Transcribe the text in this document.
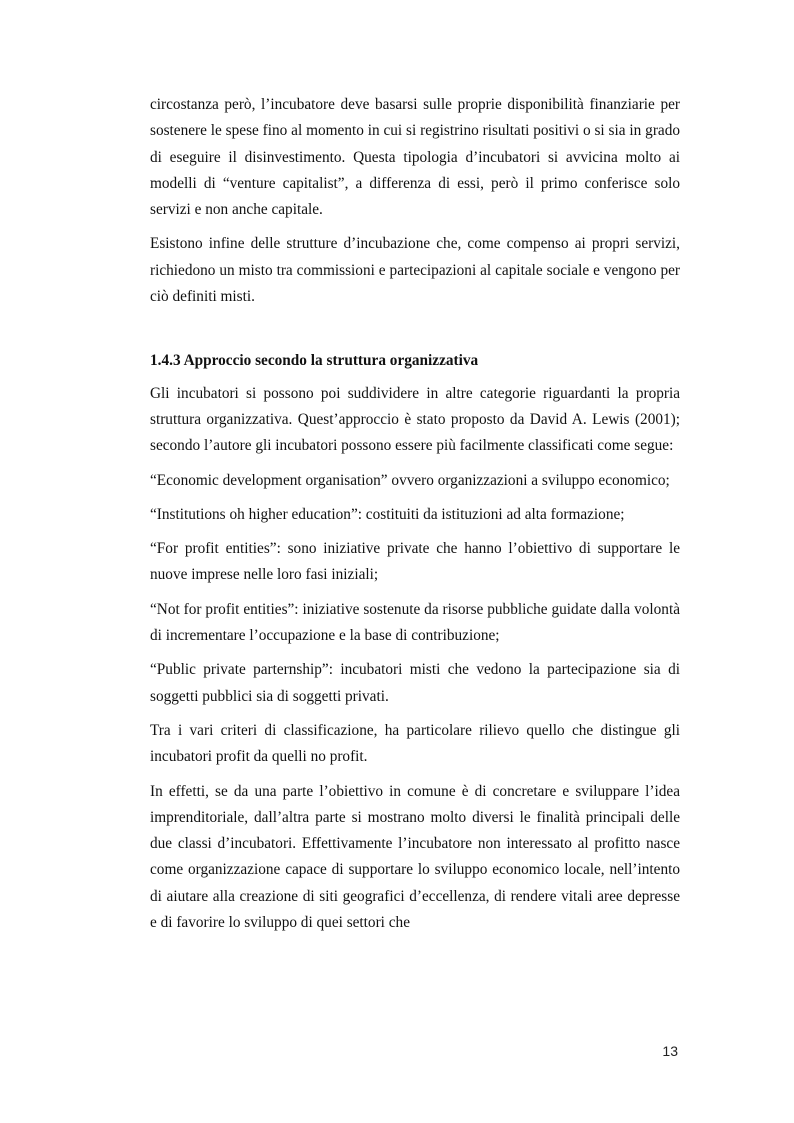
circostanza però, l’incubatore deve basarsi sulle proprie disponibilità finanziarie per sostenere le spese fino al momento in cui si registrino risultati positivi o si sia in grado di eseguire il disinvestimento. Questa tipologia d’incubatori si avvicina molto ai modelli di “venture capitalist”, a differenza di essi, però il primo conferisce solo servizi e non anche capitale.

Esistono infine delle strutture d’incubazione che, come compenso ai propri servizi, richiedono un misto tra commissioni e partecipazioni al capitale sociale e vengono per ciò definiti misti.

1.4.3 Approccio secondo la struttura organizzativa

Gli incubatori si possono poi suddividere in altre categorie riguardanti la propria struttura organizzativa. Quest’approccio è stato proposto da David A. Lewis (2001); secondo l’autore gli incubatori possono essere più facilmente classificati come segue:

“Economic development organisation” ovvero organizzazioni a sviluppo economico;

“Institutions oh higher education”: costituiti da istituzioni ad alta formazione;

“For profit entities”: sono iniziative private che hanno l’obiettivo di supportare le nuove imprese nelle loro fasi iniziali;

“Not for profit entities”: iniziative sostenute da risorse pubbliche guidate dalla volontà di incrementare l’occupazione e la base di contribuzione;

“Public private parternship”: incubatori misti che vedono la partecipazione sia di soggetti pubblici sia di soggetti privati.

Tra i vari criteri di classificazione, ha particolare rilievo quello che distingue gli incubatori profit da quelli no profit.

In effetti, se da una parte l’obiettivo in comune è di concretare e sviluppare l’idea imprenditoriale, dall’altra parte si mostrano molto diversi le finalità principali delle due classi d’incubatori. Effettivamente l’incubatore non interessato al profitto nasce come organizzazione capace di supportare lo sviluppo economico locale, nell’intento di aiutare alla creazione di siti geografici d’eccellenza, di rendere vitali aree depresse e di favorire lo sviluppo di quei settori che

13
